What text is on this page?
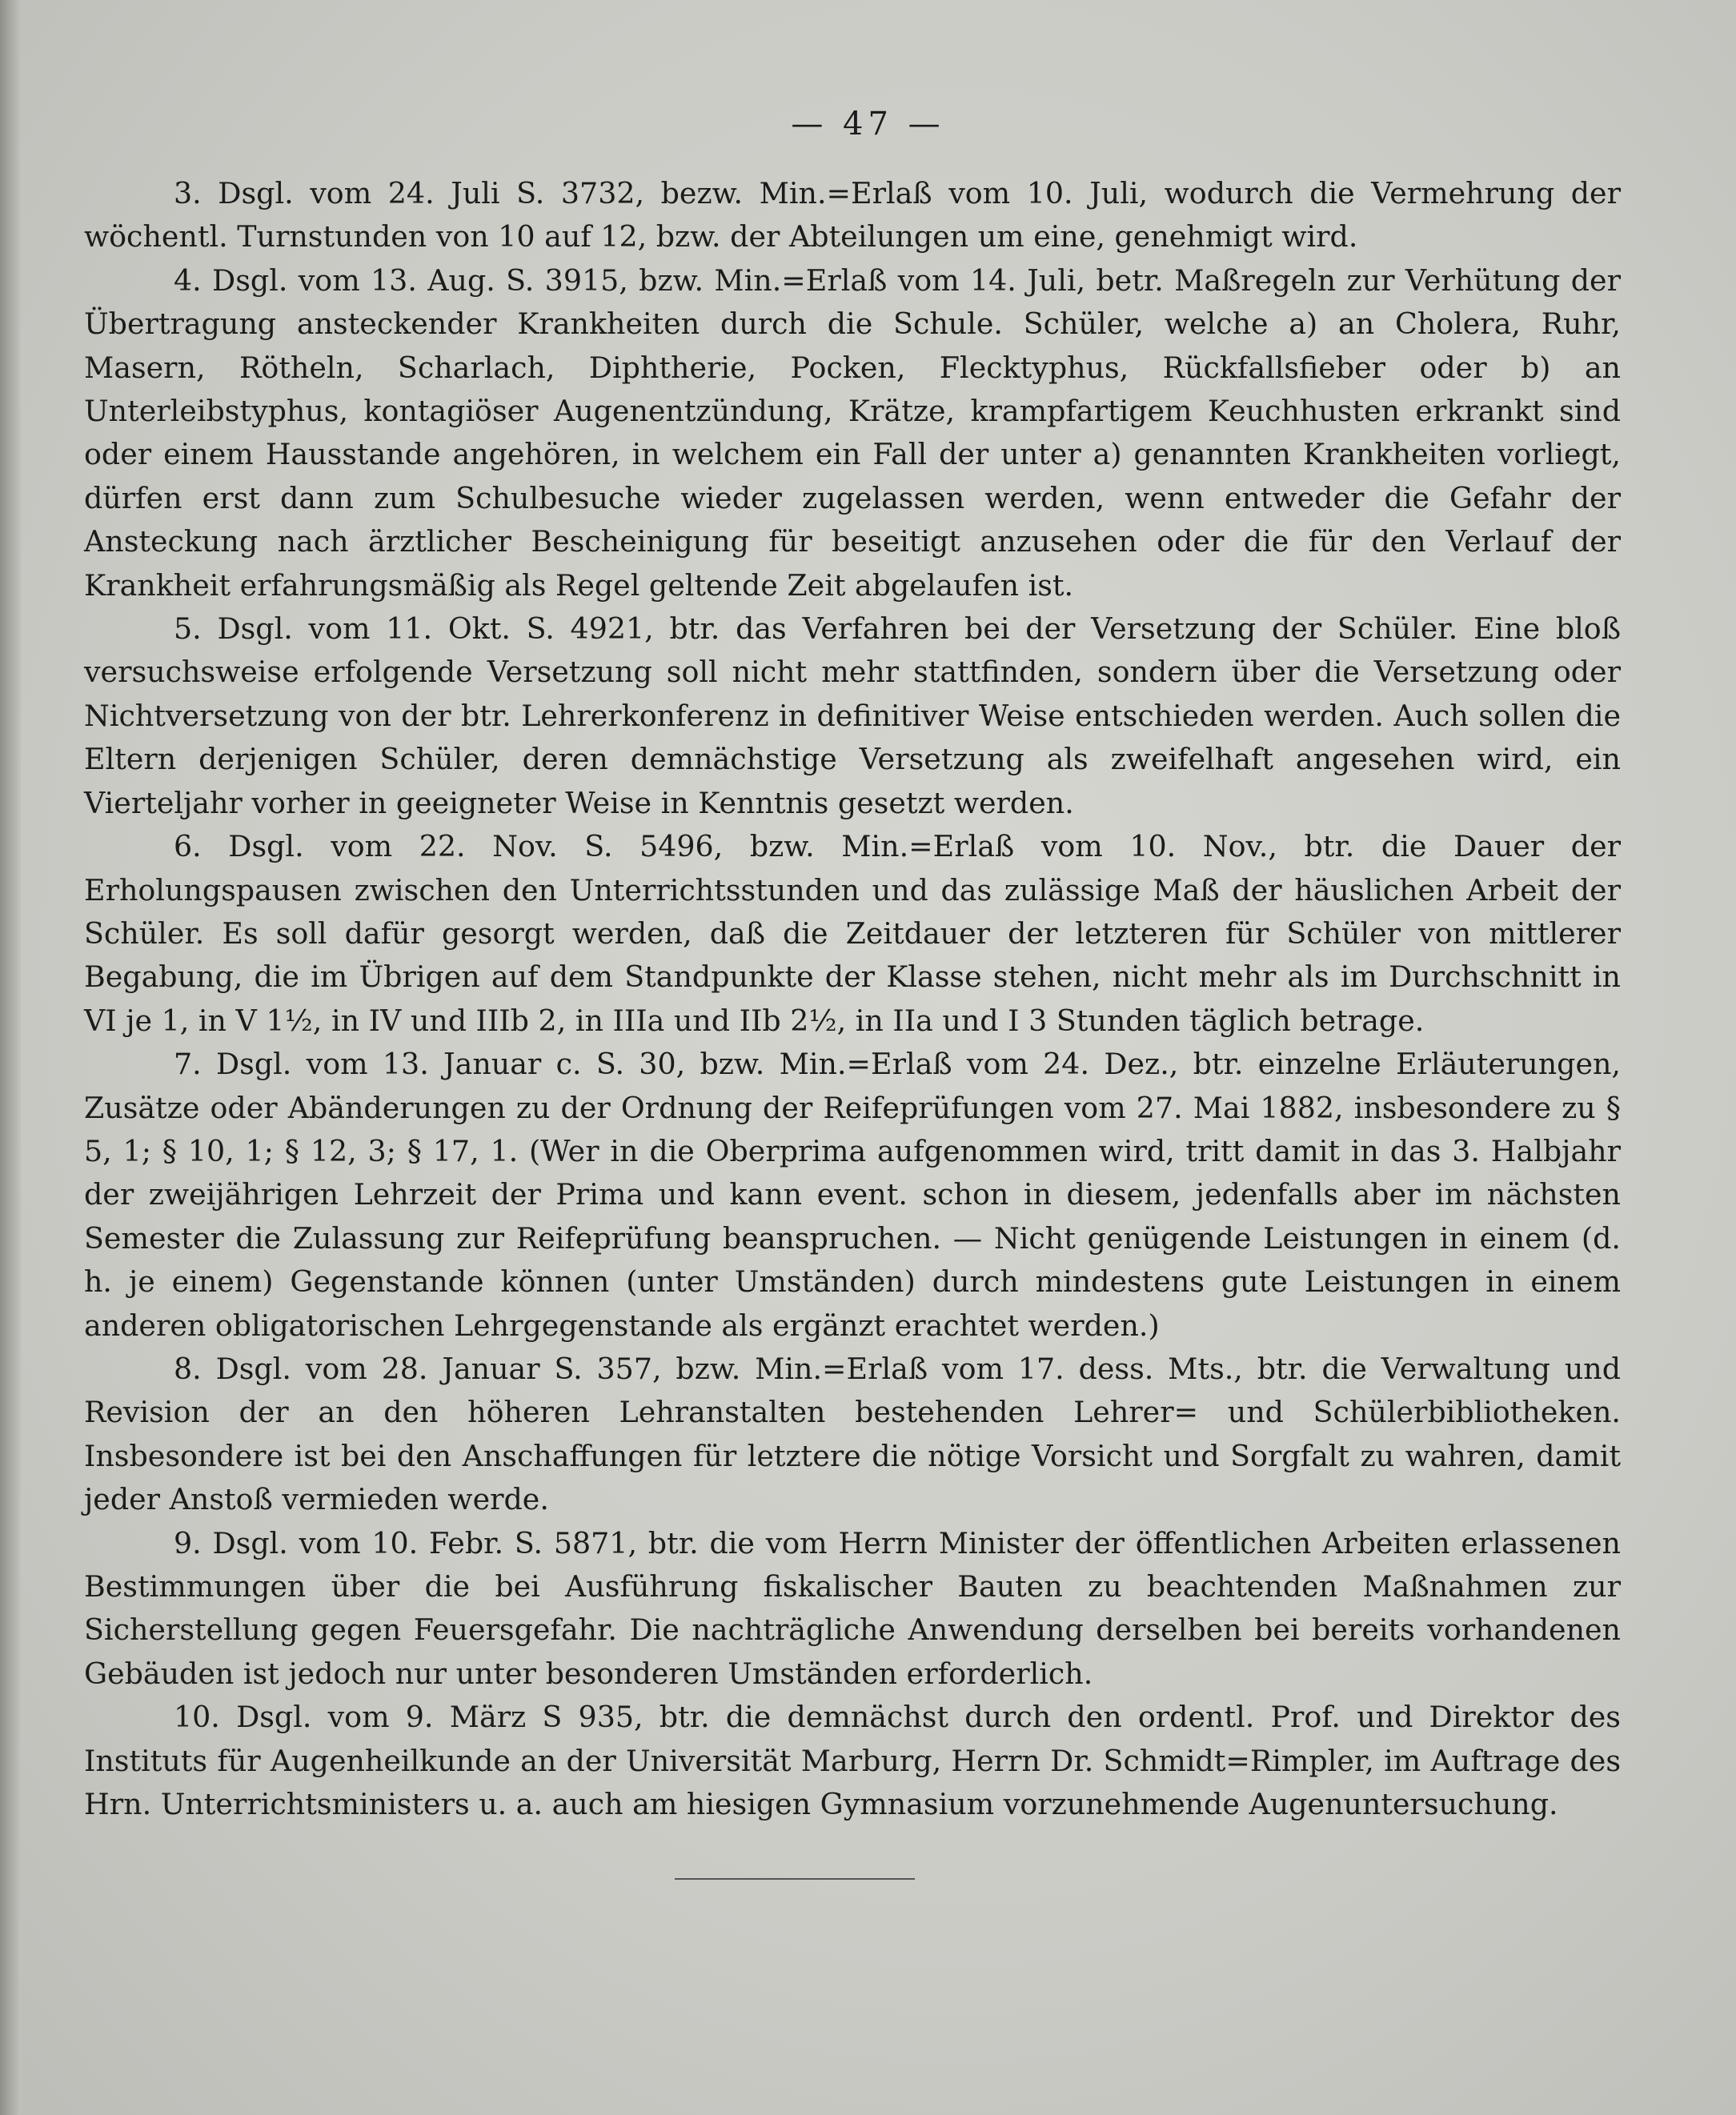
— 47 —

3. Dsgl. vom 24. Juli S. 3732, bezw. Min.=Erlaß vom 10. Juli, wodurch die Vermehrung der wöchentl. Turnstunden von 10 auf 12, bzw. der Abteilungen um eine, genehmigt wird.

4. Dsgl. vom 13. Aug. S. 3915, bzw. Min.=Erlaß vom 14. Juli, betr. Maßregeln zur Verhütung der Übertragung ansteckender Krankheiten durch die Schule. Schüler, welche a) an Cholera, Ruhr, Masern, Rötheln, Scharlach, Diphtherie, Pocken, Flecktyphus, Rückfallsfieber oder b) an Unterleibstyphus, kontagiöser Augenentzündung, Krätze, krampfartigem Keuchhusten erkrankt sind oder einem Hausstande angehören, in welchem ein Fall der unter a) genannten Krankheiten vorliegt, dürfen erst dann zum Schulbesuche wieder zugelassen werden, wenn entweder die Gefahr der Ansteckung nach ärztlicher Bescheinigung für beseitigt anzusehen oder die für den Verlauf der Krankheit erfahrungsmäßig als Regel geltende Zeit abgelaufen ist.

5. Dsgl. vom 11. Okt. S. 4921, btr. das Verfahren bei der Versetzung der Schüler. Eine bloß versuchsweise erfolgende Versetzung soll nicht mehr stattfinden, sondern über die Versetzung oder Nichtversetzung von der btr. Lehrerkonferenz in definitiver Weise entschieden werden. Auch sollen die Eltern derjenigen Schüler, deren demnächstige Versetzung als zweifelhaft angesehen wird, ein Vierteljahr vorher in geeigneter Weise in Kenntnis gesetzt werden.

6. Dsgl. vom 22. Nov. S. 5496, bzw. Min.=Erlaß vom 10. Nov., btr. die Dauer der Erholungspausen zwischen den Unterrichtsstunden und das zulässige Maß der häuslichen Arbeit der Schüler. Es soll dafür gesorgt werden, daß die Zeitdauer der letzteren für Schüler von mittlerer Begabung, die im Übrigen auf dem Standpunkte der Klasse stehen, nicht mehr als im Durchschnitt in VI je 1, in V 1½, in IV und IIIb 2, in IIIa und IIb 2½, in IIa und I 3 Stunden täglich betrage.

7. Dsgl. vom 13. Januar c. S. 30, bzw. Min.=Erlaß vom 24. Dez., btr. einzelne Erläuterungen, Zusätze oder Abänderungen zu der Ordnung der Reifeprüfungen vom 27. Mai 1882, insbesondere zu § 5, 1; § 10, 1; § 12, 3; § 17, 1. (Wer in die Oberprima aufgenommen wird, tritt damit in das 3. Halbjahr der zweijährigen Lehrzeit der Prima und kann event. schon in diesem, jedenfalls aber im nächsten Semester die Zulassung zur Reifeprüfung beanspruchen. — Nicht genügende Leistungen in einem (d. h. je einem) Gegenstande können (unter Umständen) durch mindestens gute Leistungen in einem anderen obligatorischen Lehrgegenstande als ergänzt erachtet werden.)

8. Dsgl. vom 28. Januar S. 357, bzw. Min.=Erlaß vom 17. dess. Mts., btr. die Verwaltung und Revision der an den höheren Lehranstalten bestehenden Lehrer= und Schülerbibliotheken. Insbesondere ist bei den Anschaffungen für letztere die nötige Vorsicht und Sorgfalt zu wahren, damit jeder Anstoß vermieden werde.

9. Dsgl. vom 10. Febr. S. 5871, btr. die vom Herrn Minister der öffentlichen Arbeiten erlassenen Bestimmungen über die bei Ausführung fiskalischer Bauten zu beachtenden Maßnahmen zur Sicherstellung gegen Feuersgefahr. Die nachträgliche Anwendung derselben bei bereits vorhandenen Gebäuden ist jedoch nur unter besonderen Umständen erforderlich.

10. Dsgl. vom 9. März S 935, btr. die demnächst durch den ordentl. Prof. und Direktor des Instituts für Augenheilkunde an der Universität Marburg, Herrn Dr. Schmidt=Rimpler, im Auftrage des Hrn. Unterrichtsministers u. a. auch am hiesigen Gymnasium vorzunehmende Augenuntersuchung.
